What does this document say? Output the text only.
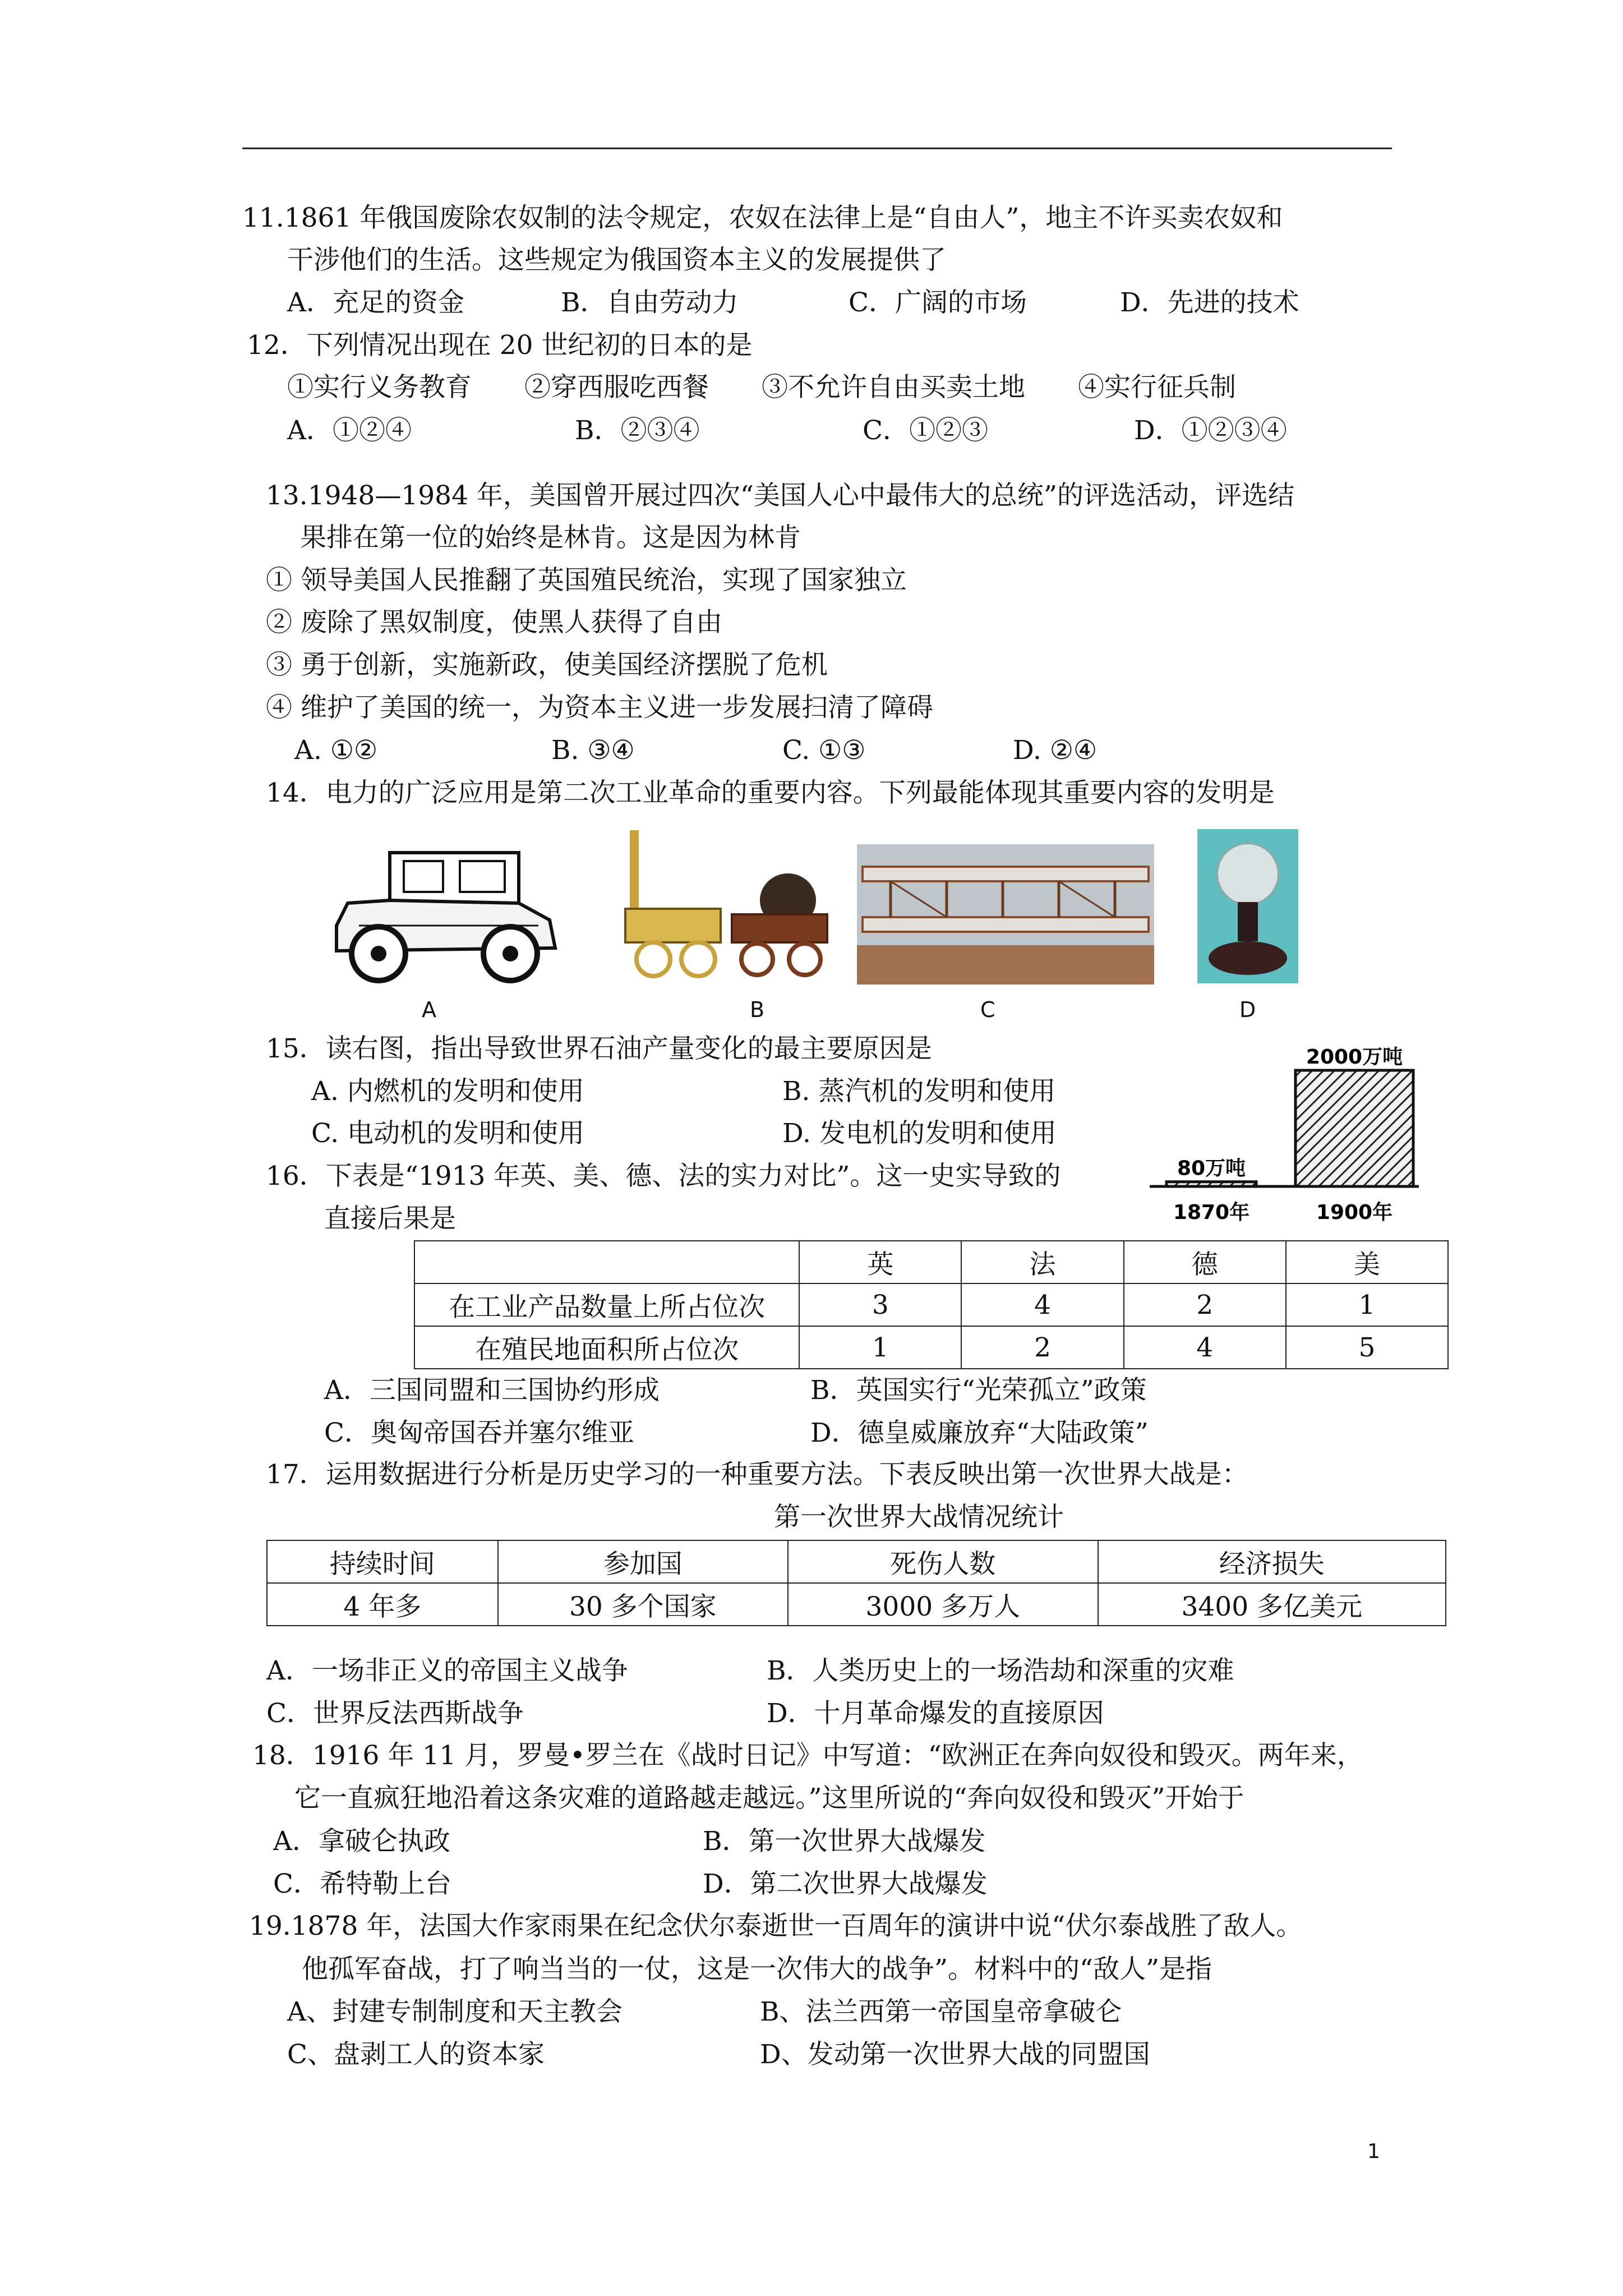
11.1861 年俄国废除农奴制的法令规定，农奴在法律上是“自由人”，地主不许买卖农奴和
干涉他们的生活。这些规定为俄国资本主义的发展提供了
A．充足的资金	B．自由劳动力	C．广阔的市场	D．先进的技术
12．下列情况出现在 20 世纪初的日本的是
①实行义务教育　　②穿西服吃西餐　　③不允许自由买卖土地　　④实行征兵制
A．①②④	B．②③④	C．①②③	D．①②③④
13.1948—1984 年，美国曾开展过四次“美国人心中最伟大的总统”的评选活动，评选结
果排在第一位的始终是林肯。这是因为林肯
① 领导美国人民推翻了英国殖民统治，实现了国家独立
② 废除了黑奴制度，使黑人获得了自由
③ 勇于创新，实施新政，使美国经济摆脱了危机
④ 维护了美国的统一，为资本主义进一步发展扫清了障碍
A. ①②	B. ③④	C. ①③	D. ②④
14．电力的广泛应用是第二次工业革命的重要内容。下列最能体现其重要内容的发明是
A	B	C	D
15．读右图，指出导致世界石油产量变化的最主要原因是
A. 内燃机的发明和使用	B. 蒸汽机的发明和使用
C. 电动机的发明和使用	D. 发电机的发明和使用
80万吨
1870年
2000万吨
1900年
16．下表是“1913 年英、美、德、法的实力对比”。这一史实导致的
直接后果是
	英	法	德	美
在工业产品数量上所占位次	3	4	2	1
在殖民地面积所占位次	1	2	4	5
A．三国同盟和三国协约形成	B．英国实行“光荣孤立”政策
C．奥匈帝国吞并塞尔维亚	D．德皇威廉放弃“大陆政策”
17．运用数据进行分析是历史学习的一种重要方法。下表反映出第一次世界大战是：
第一次世界大战情况统计
持续时间	参加国	死伤人数	经济损失
4 年多	30 多个国家	3000 多万人	3400 多亿美元
A．一场非正义的帝国主义战争	B．人类历史上的一场浩劫和深重的灾难
C．世界反法西斯战争	D．十月革命爆发的直接原因
18．1916 年 11 月，罗曼•罗兰在《战时日记》中写道：“欧洲正在奔向奴役和毁灭。两年来，
它一直疯狂地沿着这条灾难的道路越走越远。”这里所说的“奔向奴役和毁灭”开始于
A．拿破仑执政	B．第一次世界大战爆发
C．希特勒上台	D．第二次世界大战爆发
19.1878 年，法国大作家雨果在纪念伏尔泰逝世一百周年的演讲中说“伏尔泰战胜了敌人。
他孤军奋战，打了响当当的一仗，这是一次伟大的战争”。材料中的“敌人”是指
A、封建专制制度和天主教会	B、法兰西第一帝国皇帝拿破仑
C、盘剥工人的资本家	D、发动第一次世界大战的同盟国
1
